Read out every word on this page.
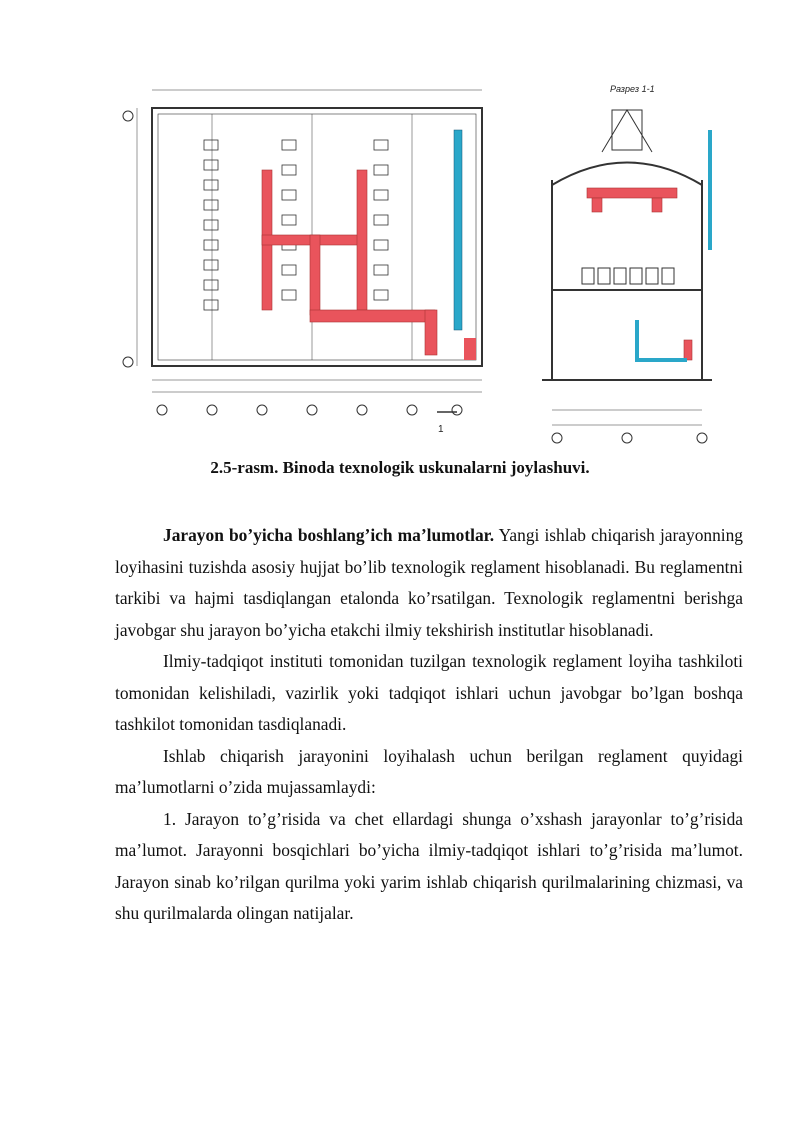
1
Разрез 1-1
2.5-rasm. Binoda texnologik uskunalarni joylashuvi.

Jarayon bo’yicha boshlang’ich ma’lumotlar. Yangi ishlab chiqarish jarayonning loyihasini tuzishda asosiy hujjat bo’lib texnologik reglament hisoblanadi. Bu reglamentni tarkibi va hajmi tasdiqlangan etalonda ko’rsatilgan. Texnologik reglamentni berishga javobgar shu jarayon bo’yicha etakchi ilmiy tekshirish institutlar hisoblanadi.

Ilmiy-tadqiqot instituti tomonidan tuzilgan texnologik reglament loyiha tashkiloti tomonidan kelishiladi, vazirlik yoki tadqiqot ishlari uchun javobgar bo’lgan boshqa tashkilot tomonidan tasdiqlanadi.

Ishlab chiqarish jarayonini loyihalash uchun berilgan reglament quyidagi ma’lumotlarni o’zida mujassamlaydi:

1. Jarayon to’g’risida va chet ellardagi shunga o’xshash jarayonlar to’g’risida ma’lumot. Jarayonni bosqichlari bo’yicha ilmiy-tadqiqot ishlari to’g’risida ma’lumot. Jarayon sinab ko’rilgan qurilma yoki yarim ishlab chiqarish qurilmalarining chizmasi, va shu qurilmalarda olingan natijalar.
